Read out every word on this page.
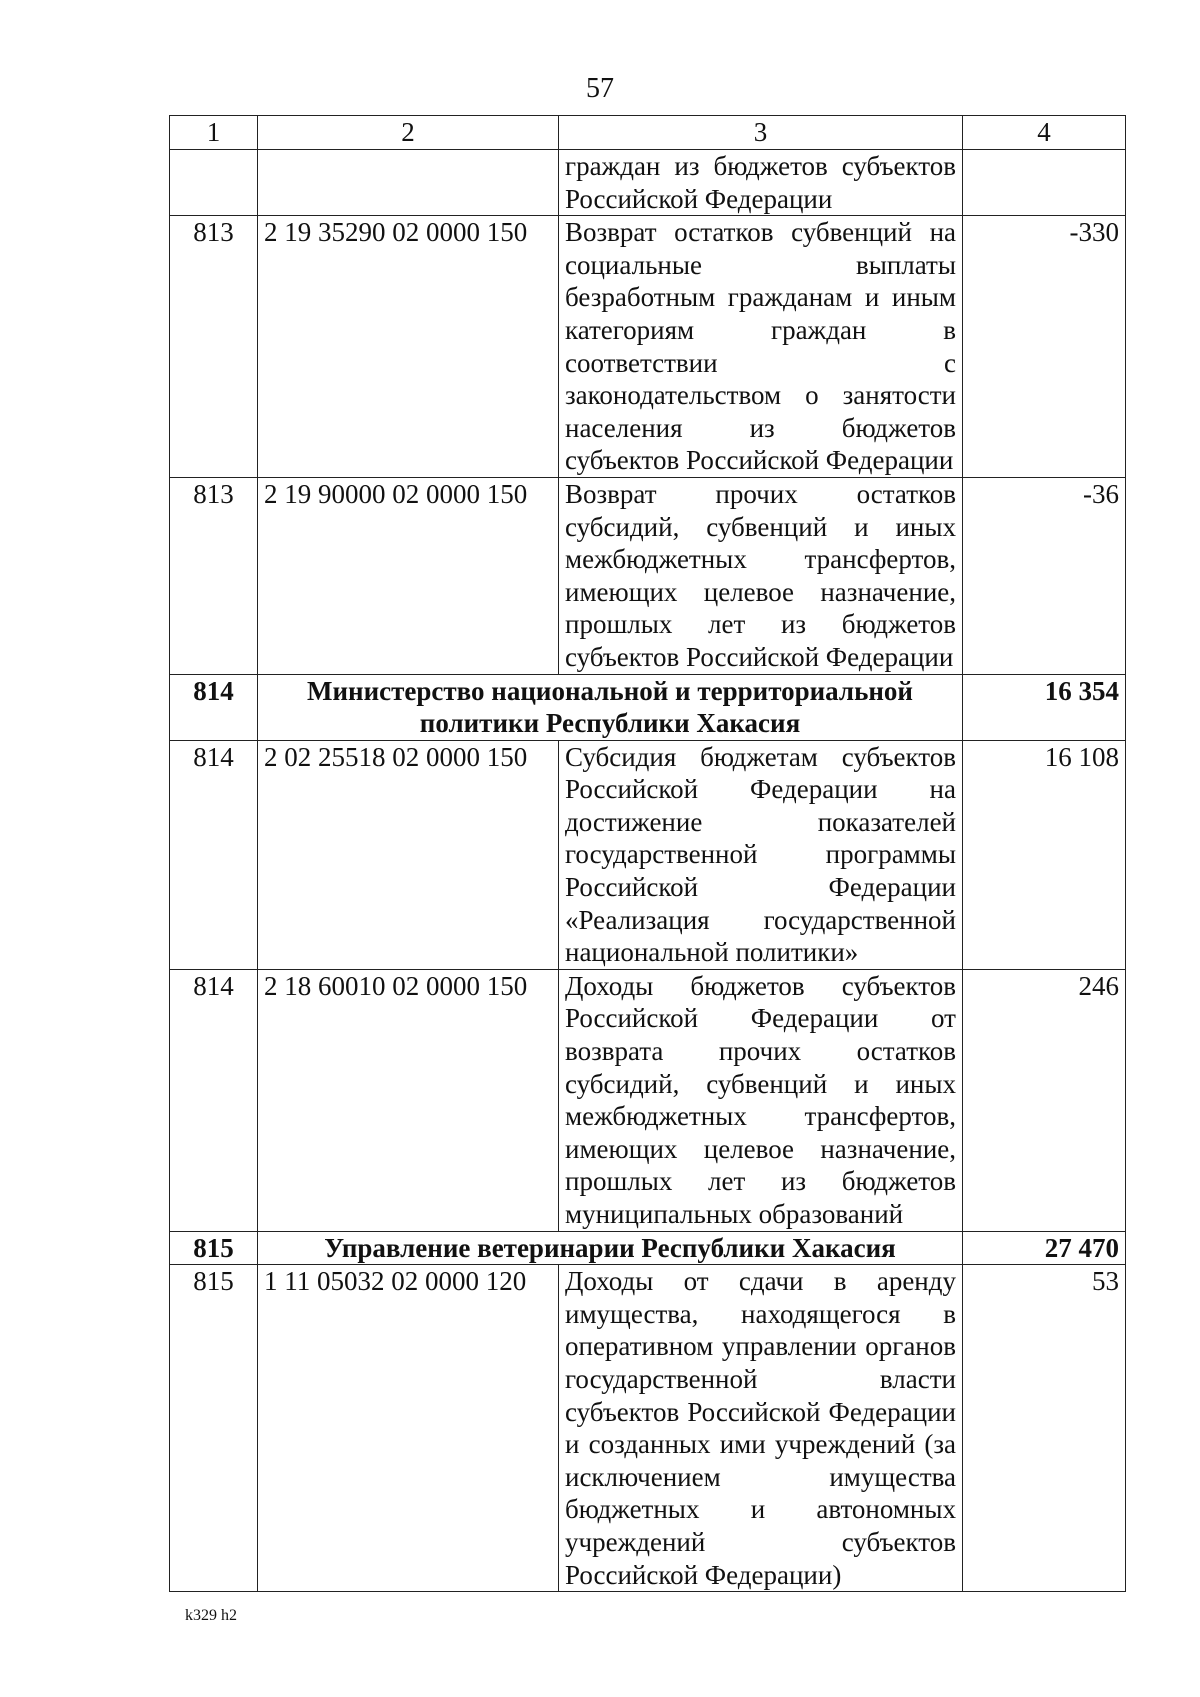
57
1	2	3	4
		граждан из бюджетов субъектов Российской Федерации	
813	2 19 35290 02 0000 150	Возврат остатков субвенций на социальные выплаты безработным гражданам и иным категориям граждан в соответствии с законодательством о занятости населения из бюджетов субъектов Российской Федерации	-330
813	2 19 90000 02 0000 150	Возврат прочих остатков субсидий, субвенций и иных межбюджетных трансфертов, имеющих целевое назначение, прошлых лет из бюджетов субъектов Российской Федерации	-36
814	Министерство национальной и территориальной политики Республики Хакасия		16 354
814	2 02 25518 02 0000 150	Субсидия бюджетам субъектов Российской Федерации на достижение показателей государственной программы Российской Федерации «Реализация государственной национальной политики»	16 108
814	2 18 60010 02 0000 150	Доходы бюджетов субъектов Российской Федерации от возврата прочих остатков субсидий, субвенций и иных межбюджетных трансфертов, имеющих целевое назначение, прошлых лет из бюджетов муниципальных образований	246
815	Управление ветеринарии Республики Хакасия		27 470
815	1 11 05032 02 0000 120	Доходы от сдачи в аренду имущества, находящегося в оперативном управлении органов государственной власти субъектов Российской Федерации и созданных ими учреждений (за исключением имущества бюджетных и автономных учреждений субъектов Российской Федерации)	53
k329 h2
